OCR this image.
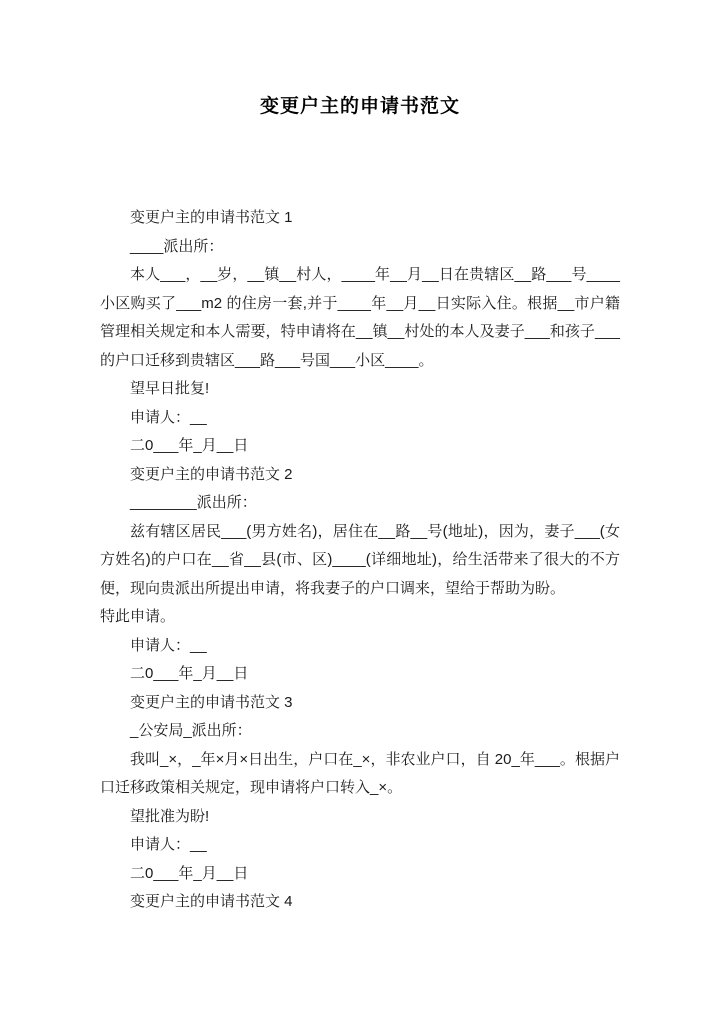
变更户主的申请书范文

变更户主的申请书范文 1

____派出所：

本人___，__岁，__镇__村人，____年__月__日在贵辖区__路___号____小区购买了___m2 的住房一套,并于____年__月__日实际入住。根据__市户籍管理相关规定和本人需要，特申请将在__镇__村处的本人及妻子___和孩子___的户口迁移到贵辖区___路___号国___小区____。

望早日批复!

申请人：__

二0___年_月__日

变更户主的申请书范文 2

________派出所：

兹有辖区居民___(男方姓名)，居住在__路__号(地址)，因为，妻子___(女方姓名)的户口在__省__县(市、区)____(详细地址)，给生活带来了很大的不方便，现向贵派出所提出申请，将我妻子的户口调来，望给于帮助为盼。

特此申请。

申请人：__

二0___年_月__日

变更户主的申请书范文 3

_公安局_派出所：

我叫_×，_年×月×日出生，户口在_×，非农业户口，自 20_年___。根据户口迁移政策相关规定，现申请将户口转入_×。

望批准为盼!

申请人：__

二0___年_月__日

变更户主的申请书范文 4
